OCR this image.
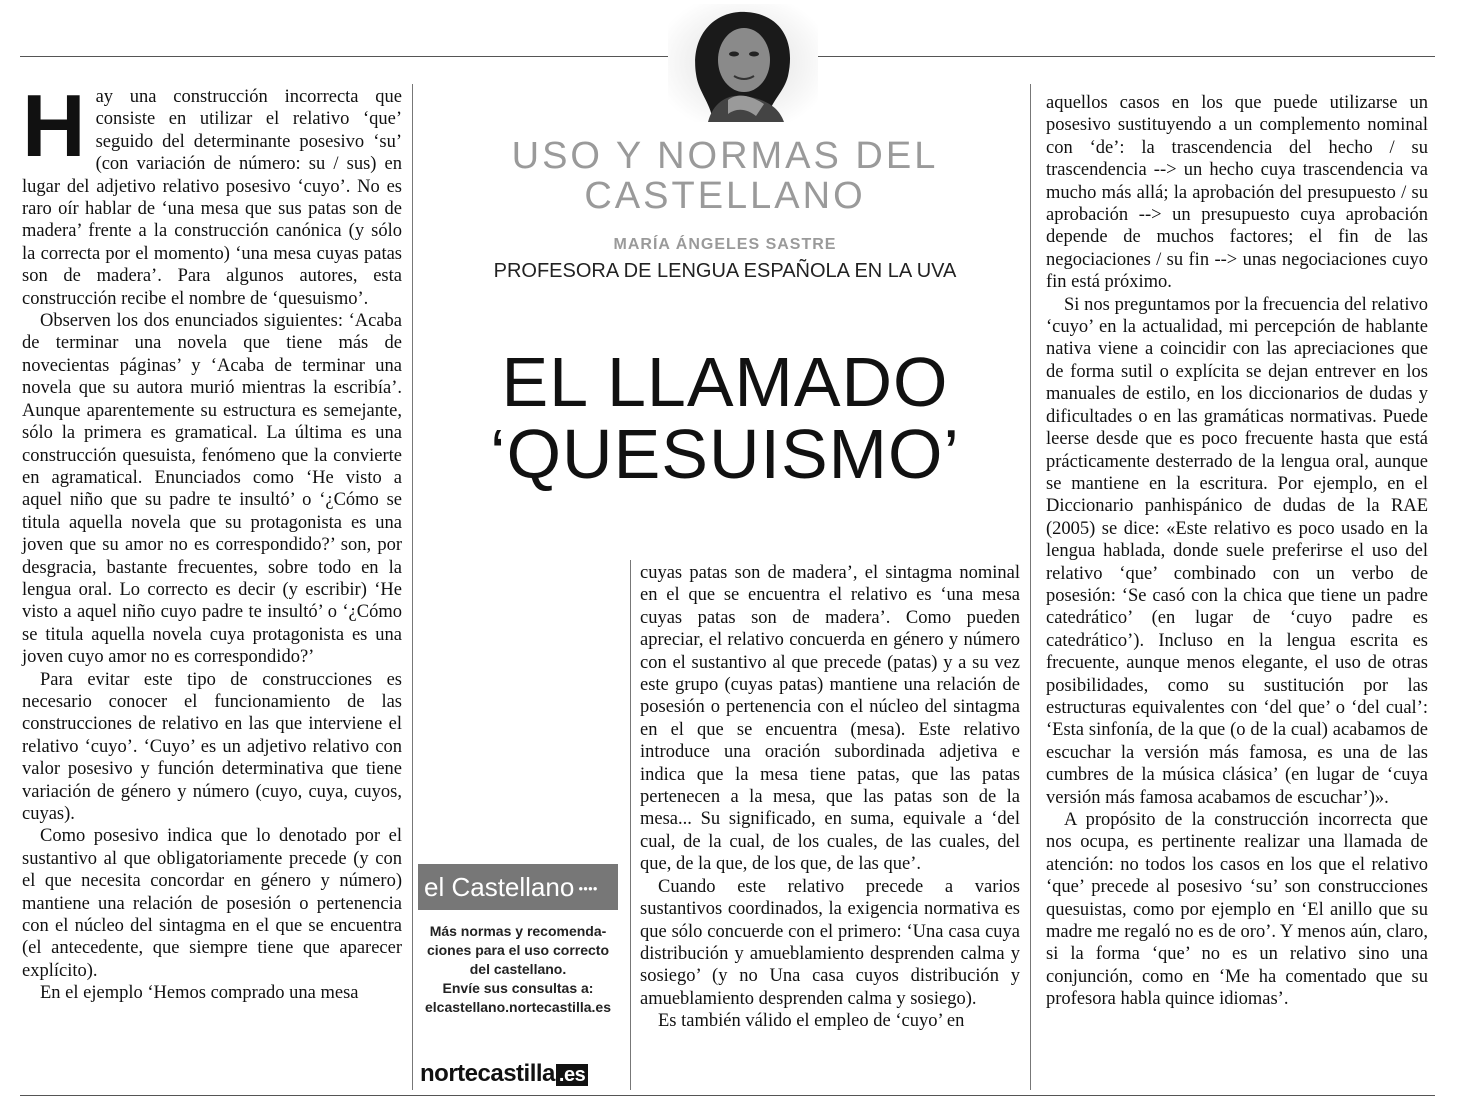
USO Y NORMAS DEL CASTELLANO
MARÍA ÁNGELES SASTRE
PROFESORA DE LENGUA ESPAÑOLA EN LA UVA
EL LLAMADO
‘QUESUISMO’

Hay una construcción incorrecta que consiste en utilizar el relativo ‘que’ seguido del determinante posesivo ‘su’ (con variación de número: su / sus) en lugar del adjetivo relativo posesivo ‘cuyo’. No es raro oír hablar de ‘una mesa que sus patas son de madera’ frente a la construcción canónica (y sólo la correcta por el momento) ‘una mesa cuyas patas son de madera’. Para algunos autores, esta construcción recibe el nombre de ‘quesuismo’.

Observen los dos enunciados siguientes: ‘Acaba de terminar una novela que tiene más de novecientas páginas’ y ‘Acaba de terminar una novela que su autora murió mientras la escribía’. Aunque aparentemente su estructura es semejante, sólo la primera es gramatical. La última es una construcción quesuista, fenómeno que la convierte en agramatical. Enunciados como ‘He visto a aquel niño que su padre te insultó’ o ‘¿Cómo se titula aquella novela que su protagonista es una joven que su amor no es correspondido?’ son, por desgracia, bastante frecuentes, sobre todo en la lengua oral. Lo correcto es decir (y escribir) ‘He visto a aquel niño cuyo padre te insultó’ o ‘¿Cómo se titula aquella novela cuya protagonista es una joven cuyo amor no es correspondido?’

Para evitar este tipo de construcciones es necesario conocer el funcionamiento de las construcciones de relativo en las que interviene el relativo ‘cuyo’. ‘Cuyo’ es un adjetivo relativo con valor posesivo y función determinativa que tiene variación de género y número (cuyo, cuya, cuyos, cuyas).

Como posesivo indica que lo denotado por el sustantivo al que obligatoriamente precede (y con el que necesita concordar en género y número) mantiene una relación de posesión o pertenencia con el núcleo del sintagma en el que se encuentra (el antecedente, que siempre tiene que aparecer explícito).

En el ejemplo ‘Hemos comprado una mesa

cuyas patas son de madera’, el sintagma nominal en el que se encuentra el relativo es ‘una mesa cuyas patas son de madera’. Como pueden apreciar, el relativo concuerda en género y número con el sustantivo al que precede (patas) y a su vez este grupo (cuyas patas) mantiene una relación de posesión o pertenencia con el núcleo del sintagma en el que se encuentra (mesa). Este relativo introduce una oración subordinada adjetiva e indica que la mesa tiene patas, que las patas pertenecen a la mesa, que las patas son de la mesa... Su significado, en suma, equivale a ‘del cual, de la cual, de los cuales, de las cuales, del que, de la que, de los que, de las que’.

Cuando este relativo precede a varios sustantivos coordinados, la exigencia normativa es que sólo concuerde con el primero: ‘Una casa cuya distribución y amueblamiento desprenden calma y sosiego’ (y no Una casa cuyos distribución y amueblamiento desprenden calma y sosiego).

Es también válido el empleo de ‘cuyo’ en

aquellos casos en los que puede utilizarse un posesivo sustituyendo a un complemento nominal con ‘de’: la trascendencia del hecho / su trascendencia --> un hecho cuya trascendencia va mucho más allá; la aprobación del presupuesto / su aprobación --> un presupuesto cuya aprobación depende de muchos factores; el fin de las negociaciones / su fin --> unas negociaciones cuyo fin está próximo.

Si nos preguntamos por la frecuencia del relativo ‘cuyo’ en la actualidad, mi percepción de hablante nativa viene a coincidir con las apreciaciones que de forma sutil o explícita se dejan entrever en los manuales de estilo, en los diccionarios de dudas y dificultades o en las gramáticas normativas. Puede leerse desde que es poco frecuente hasta que está prácticamente desterrado de la lengua oral, aunque se mantiene en la escritura. Por ejemplo, en el Diccionario panhispánico de dudas de la RAE (2005) se dice: «Este relativo es poco usado en la lengua hablada, donde suele preferirse el uso del relativo ‘que’ combinado con un verbo de posesión: ‘Se casó con la chica que tiene un padre catedrático’ (en lugar de ‘cuyo padre es catedrático’). Incluso en la lengua escrita es frecuente, aunque menos elegante, el uso de otras posibilidades, como su sustitución por las estructuras equivalentes con ‘del que’ o ‘del cual’: ‘Esta sinfonía, de la que (o de la cual) acabamos de escuchar la versión más famosa, es una de las cumbres de la música clásica’ (en lugar de ‘cuya versión más famosa acabamos de escuchar’)».

A propósito de la construcción incorrecta que nos ocupa, es pertinente realizar una llamada de atención: no todos los casos en los que el relativo ‘que’ precede al posesivo ‘su’ son construcciones quesuistas, como por ejemplo en ‘El anillo que su madre me regaló no es de oro’. Y menos aún, claro, si la forma ‘que’ no es un relativo sino una conjunción, como en ‘Me ha comentado que su profesora habla quince idiomas’.

el Castellano ●●●●
Más normas y recomenda-
ciones para el uso correcto
del castellano.
Envíe sus consultas a:
elcastellano.nortecastilla.es
nortecastilla .es
